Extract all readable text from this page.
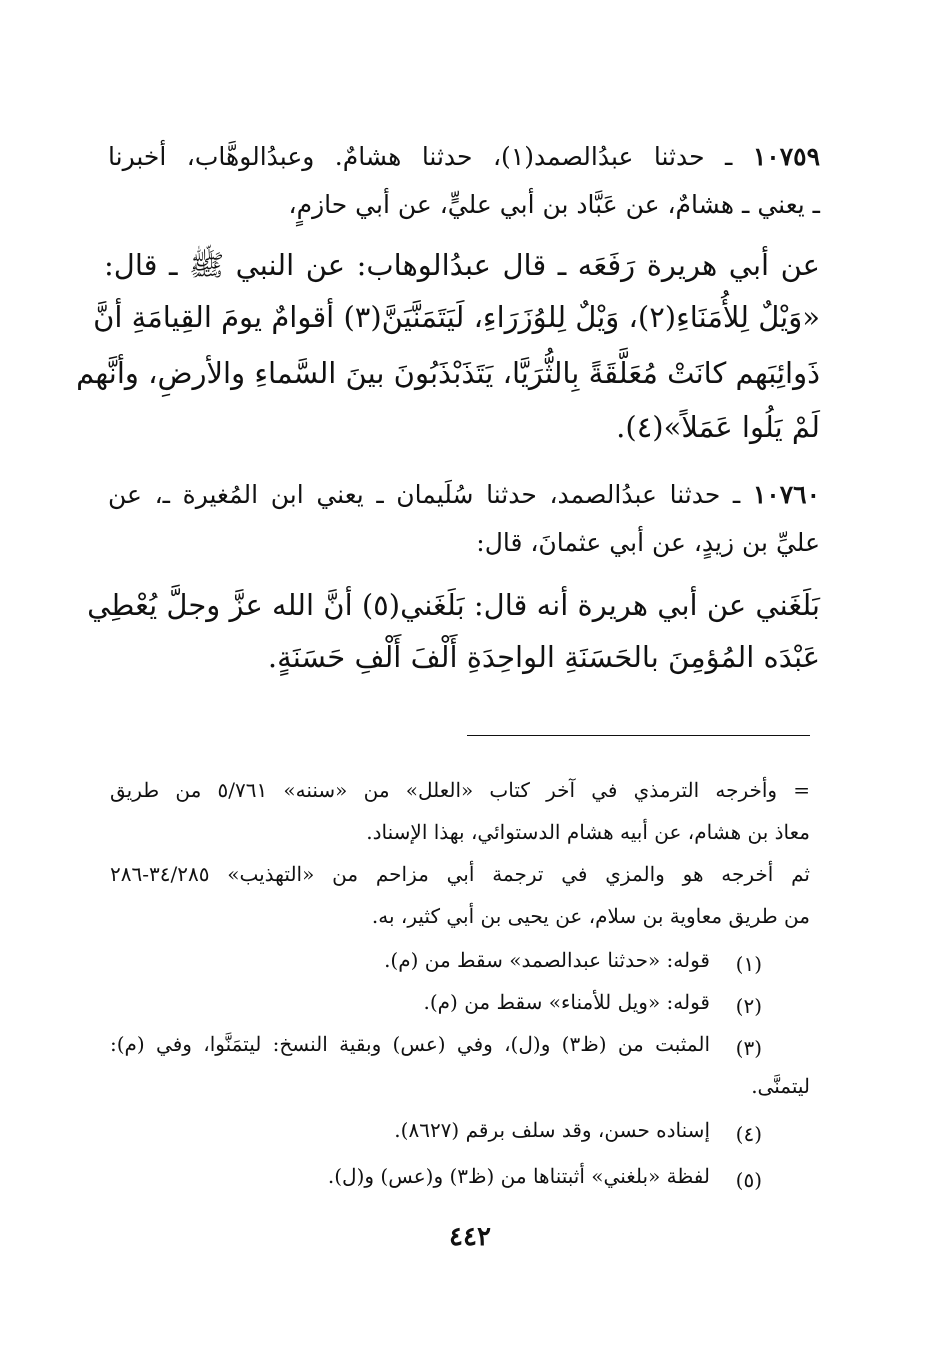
١٠٧٥٩ ـ حدثنا عبدُالصمد(١)، حدثنا هشامٌ. وعبدُالوهَّاب، أخبرنا
ـ يعني ـ هشامٌ، عن عَبَّاد بن أبي عليٍّ، عن أبي حازمٍ،
عن أبي هريرة رَفَعَه ـ قال عبدُالوهاب: عن النبي ﷺ ـ قال:
«وَيْلٌ لِلأُمَنَاءِ(٢)، وَيْلٌ لِلوُزَرَاءِ، لَيَتَمَنَّيَنَّ(٣) أقوامٌ يومَ القِيامَةِ أنَّ
ذَوائِبَهم كانَتْ مُعَلَّقَةً بِالثُّرَيَّا، يَتَذَبْذَبُونَ بينَ السَّماءِ والأرضِ، وأنَّهم
لَمْ يَلُوا عَمَلاً»(٤).
١٠٧٦٠ ـ حدثنا عبدُالصمد، حدثنا سُلَيمان ـ يعني ابن المُغيرة ـ، عن
عليِّ بن زيدٍ، عن أبي عثمانَ، قال:
بَلَغَني عن أبي هريرة أنه قال: بَلَغَني(٥) أنَّ الله عزَّ وجلَّ يُعْطِي
عَبْدَه المُؤمِنَ بالحَسَنَةِ الواحِدَةِ أَلْفَ أَلْفِ حَسَنَةٍ.
= وأخرجه الترمذي في آخر كتاب «العلل» من «سننه» ٥/٧٦١ من طريق
معاذ بن هشام، عن أبيه هشام الدستوائي، بهذا الإسناد.
ثم أخرجه هو والمزي في ترجمة أبي مزاحم من «التهذيب» ٣٤/٢٨٥-٢٨٦
من طريق معاوية بن سلام، عن يحيى بن أبي كثير، به.
(١)
قوله: «حدثنا عبدالصمد» سقط من (م).
(٢)
قوله: «ويل للأمناء» سقط من (م).
(٣)
المثبت من (ظ٣) و(ل)، وفي (عس) وبقية النسخ: ليتمَنَّوا، وفي (م):
ليتمنَّى.
(٤)
إسناده حسن، وقد سلف برقم (٨٦٢٧).
(٥)
لفظة «بلغني» أثبتناها من (ظ٣) و(عس) و(ل).
٤٤٢
